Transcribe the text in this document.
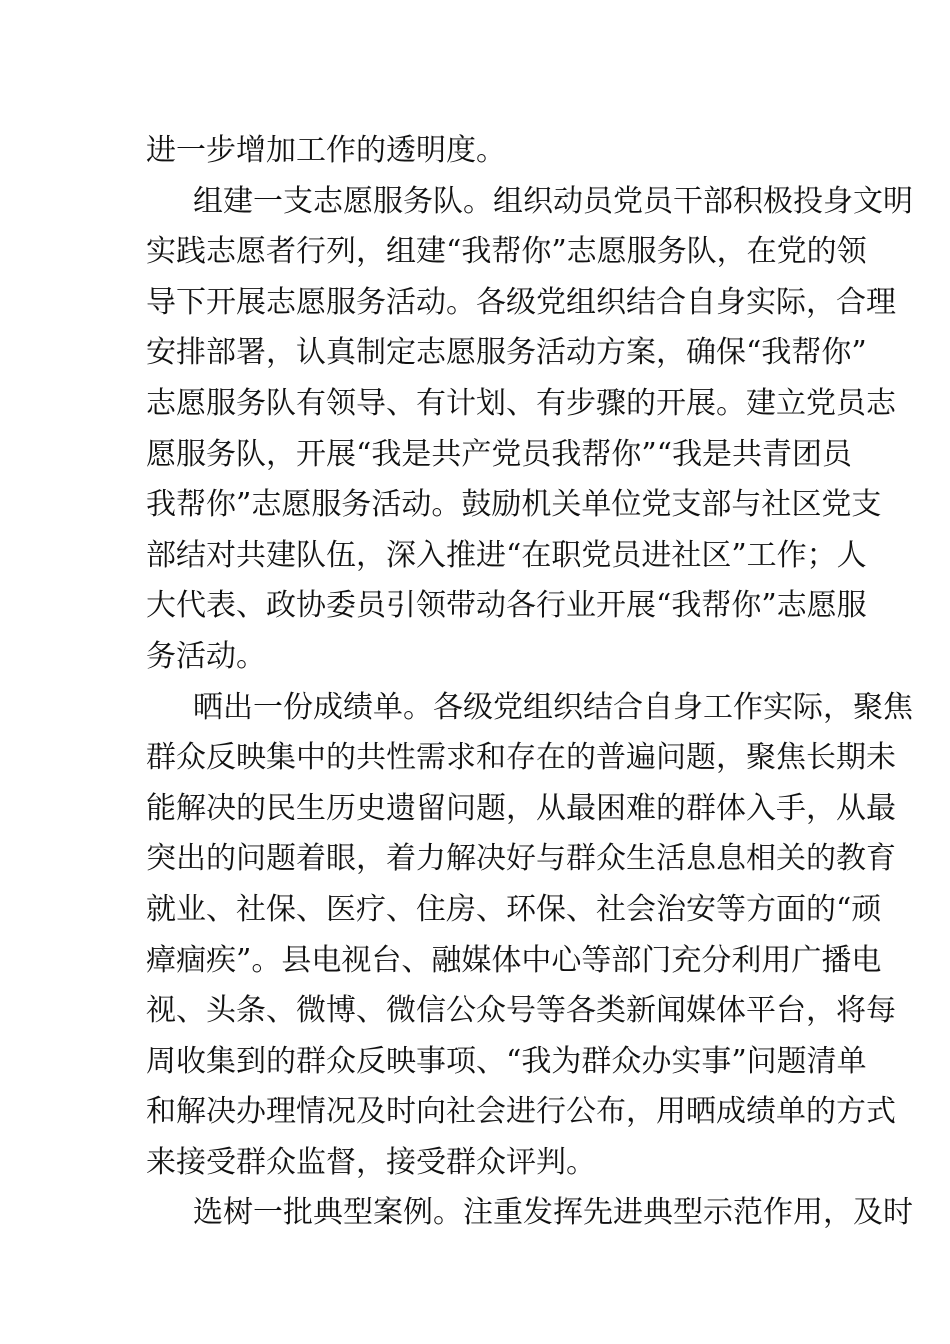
进一步增加工作的透明度。
组建一支志愿服务队。组织动员党员干部积极投身文明
实践志愿者行列，组建“我帮你”志愿服务队，在党的领
导下开展志愿服务活动。各级党组织结合自身实际，合理
安排部署，认真制定志愿服务活动方案，确保“我帮你”
志愿服务队有领导、有计划、有步骤的开展。建立党员志
愿服务队，开展“我是共产党员我帮你”“我是共青团员
我帮你”志愿服务活动。鼓励机关单位党支部与社区党支
部结对共建队伍，深入推进“在职党员进社区”工作；人
大代表、政协委员引领带动各行业开展“我帮你”志愿服
务活动。
晒出一份成绩单。各级党组织结合自身工作实际，聚焦
群众反映集中的共性需求和存在的普遍问题，聚焦长期未
能解决的民生历史遗留问题，从最困难的群体入手，从最
突出的问题着眼，着力解决好与群众生活息息相关的教育
就业、社保、医疗、住房、环保、社会治安等方面的“顽
瘴痼疾”。县电视台、融媒体中心等部门充分利用广播电
视、头条、微博、微信公众号等各类新闻媒体平台，将每
周收集到的群众反映事项、“我为群众办实事”问题清单
和解决办理情况及时向社会进行公布，用晒成绩单的方式
来接受群众监督，接受群众评判。
选树一批典型案例。注重发挥先进典型示范作用，及时
